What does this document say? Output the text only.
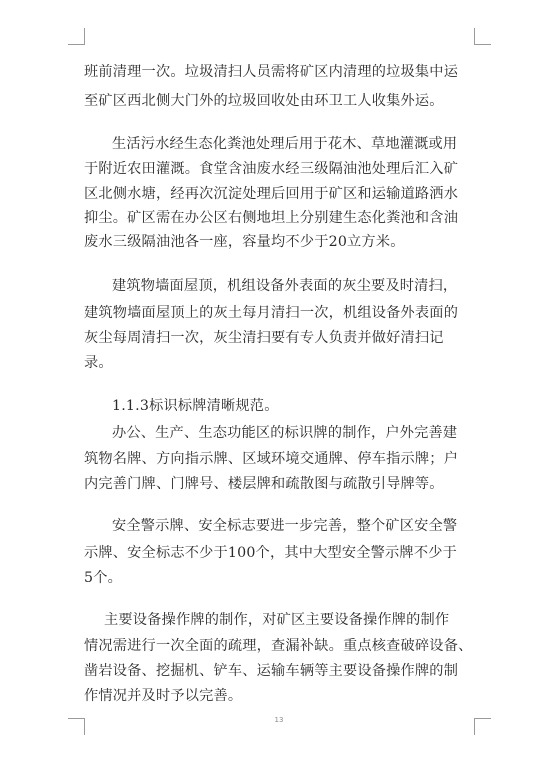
班前清理一次。垃圾清扫人员需将矿区内清理的垃圾集中运
至矿区西北侧大门外的垃圾回收处由环卫工人收集外运。
生活污水经生态化粪池处理后用于花木、草地灌溉或用
于附近农田灌溉。食堂含油废水经三级隔油池处理后汇入矿
区北侧水塘，经再次沉淀处理后回用于矿区和运输道路洒水
抑尘。矿区需在办公区右侧地坦上分别建生态化粪池和含油
废水三级隔油池各一座，容量均不少于20立方米。
建筑物墙面屋顶，机组设备外表面的灰尘要及时清扫，
建筑物墙面屋顶上的灰土每月清扫一次，机组设备外表面的
灰尘每周清扫一次，灰尘清扫要有专人负责并做好清扫记
录。
1.1.3标识标牌清晰规范。
办公、生产、生态功能区的标识牌的制作，户外完善建
筑物名牌、方向指示牌、区域环境交通牌、停车指示牌；户
内完善门牌、门牌号、楼层牌和疏散图与疏散引导牌等。
安全警示牌、安全标志要进一步完善，整个矿区安全警
示牌、安全标志不少于100个，其中大型安全警示牌不少于
5个。
主要设备操作牌的制作，对矿区主要设备操作牌的制作
情况需进行一次全面的疏理，查漏补缺。重点核查破碎设备、
凿岩设备、挖掘机、铲车、运输车辆等主要设备操作牌的制
作情况并及时予以完善。
13
